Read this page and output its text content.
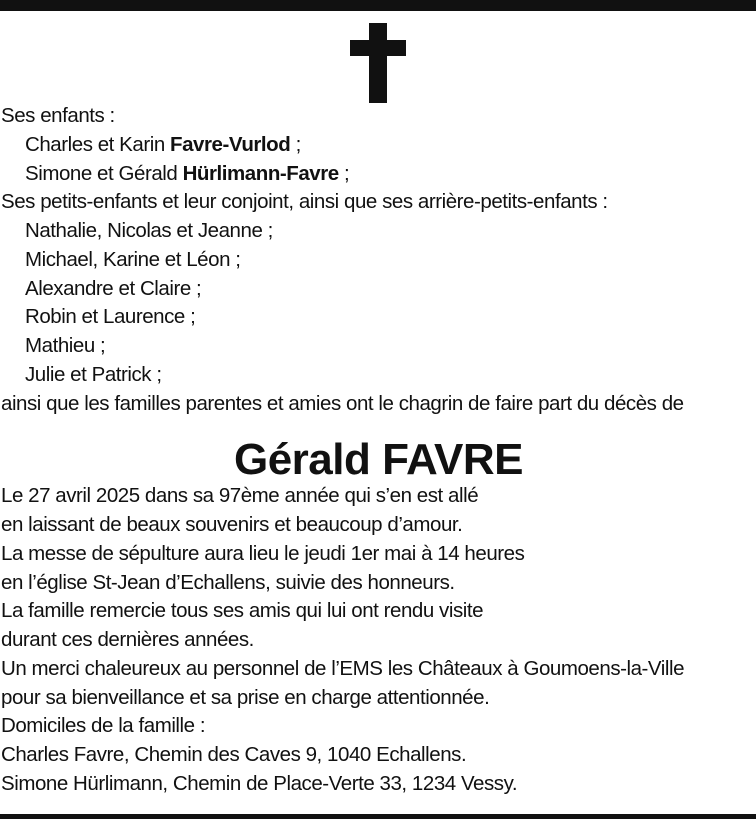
Ses enfants :
Charles et Karin Favre-Vurlod ;
Simone et Gérald Hürlimann-Favre ;
Ses petits-enfants et leur conjoint, ainsi que ses arrière-petits-enfants :
Nathalie, Nicolas et Jeanne ;
Michael, Karine et Léon ;
Alexandre et Claire ;
Robin et Laurence ;
Mathieu ;
Julie et Patrick ;
ainsi que les familles parentes et amies ont le chagrin de faire part du décès de
Gérald FAVRE
Le 27 avril 2025 dans sa 97ème année qui s’en est allé
en laissant de beaux souvenirs et beaucoup d’amour.
La messe de sépulture aura lieu le jeudi 1er mai à 14 heures
en l’église St-Jean d’Echallens, suivie des honneurs.
La famille remercie tous ses amis qui lui ont rendu visite
durant ces dernières années.
Un merci chaleureux au personnel de l’EMS les Châteaux à Goumoens-la-Ville
pour sa bienveillance et sa prise en charge attentionnée.
Domiciles de la famille :
Charles Favre, Chemin des Caves 9, 1040 Echallens.
Simone Hürlimann, Chemin de Place-Verte 33, 1234 Vessy.
